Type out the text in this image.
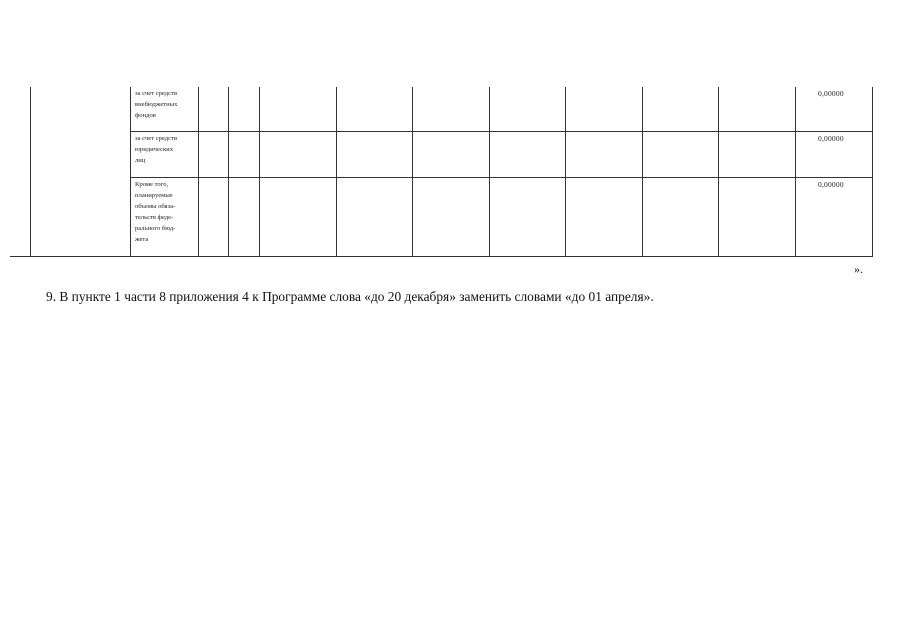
за счет средств
внебюджетных
фондов
0,00000
за счет средств
юридических
лиц
0,00000
Кроме того,
планируемые
объемы обяза-
тельств феде-
рального бюд-
жета
0,00000
».
9. В пункте 1 части 8 приложения 4 к Программе слова «до 20 декабря» заменить словами «до 01 апреля».
